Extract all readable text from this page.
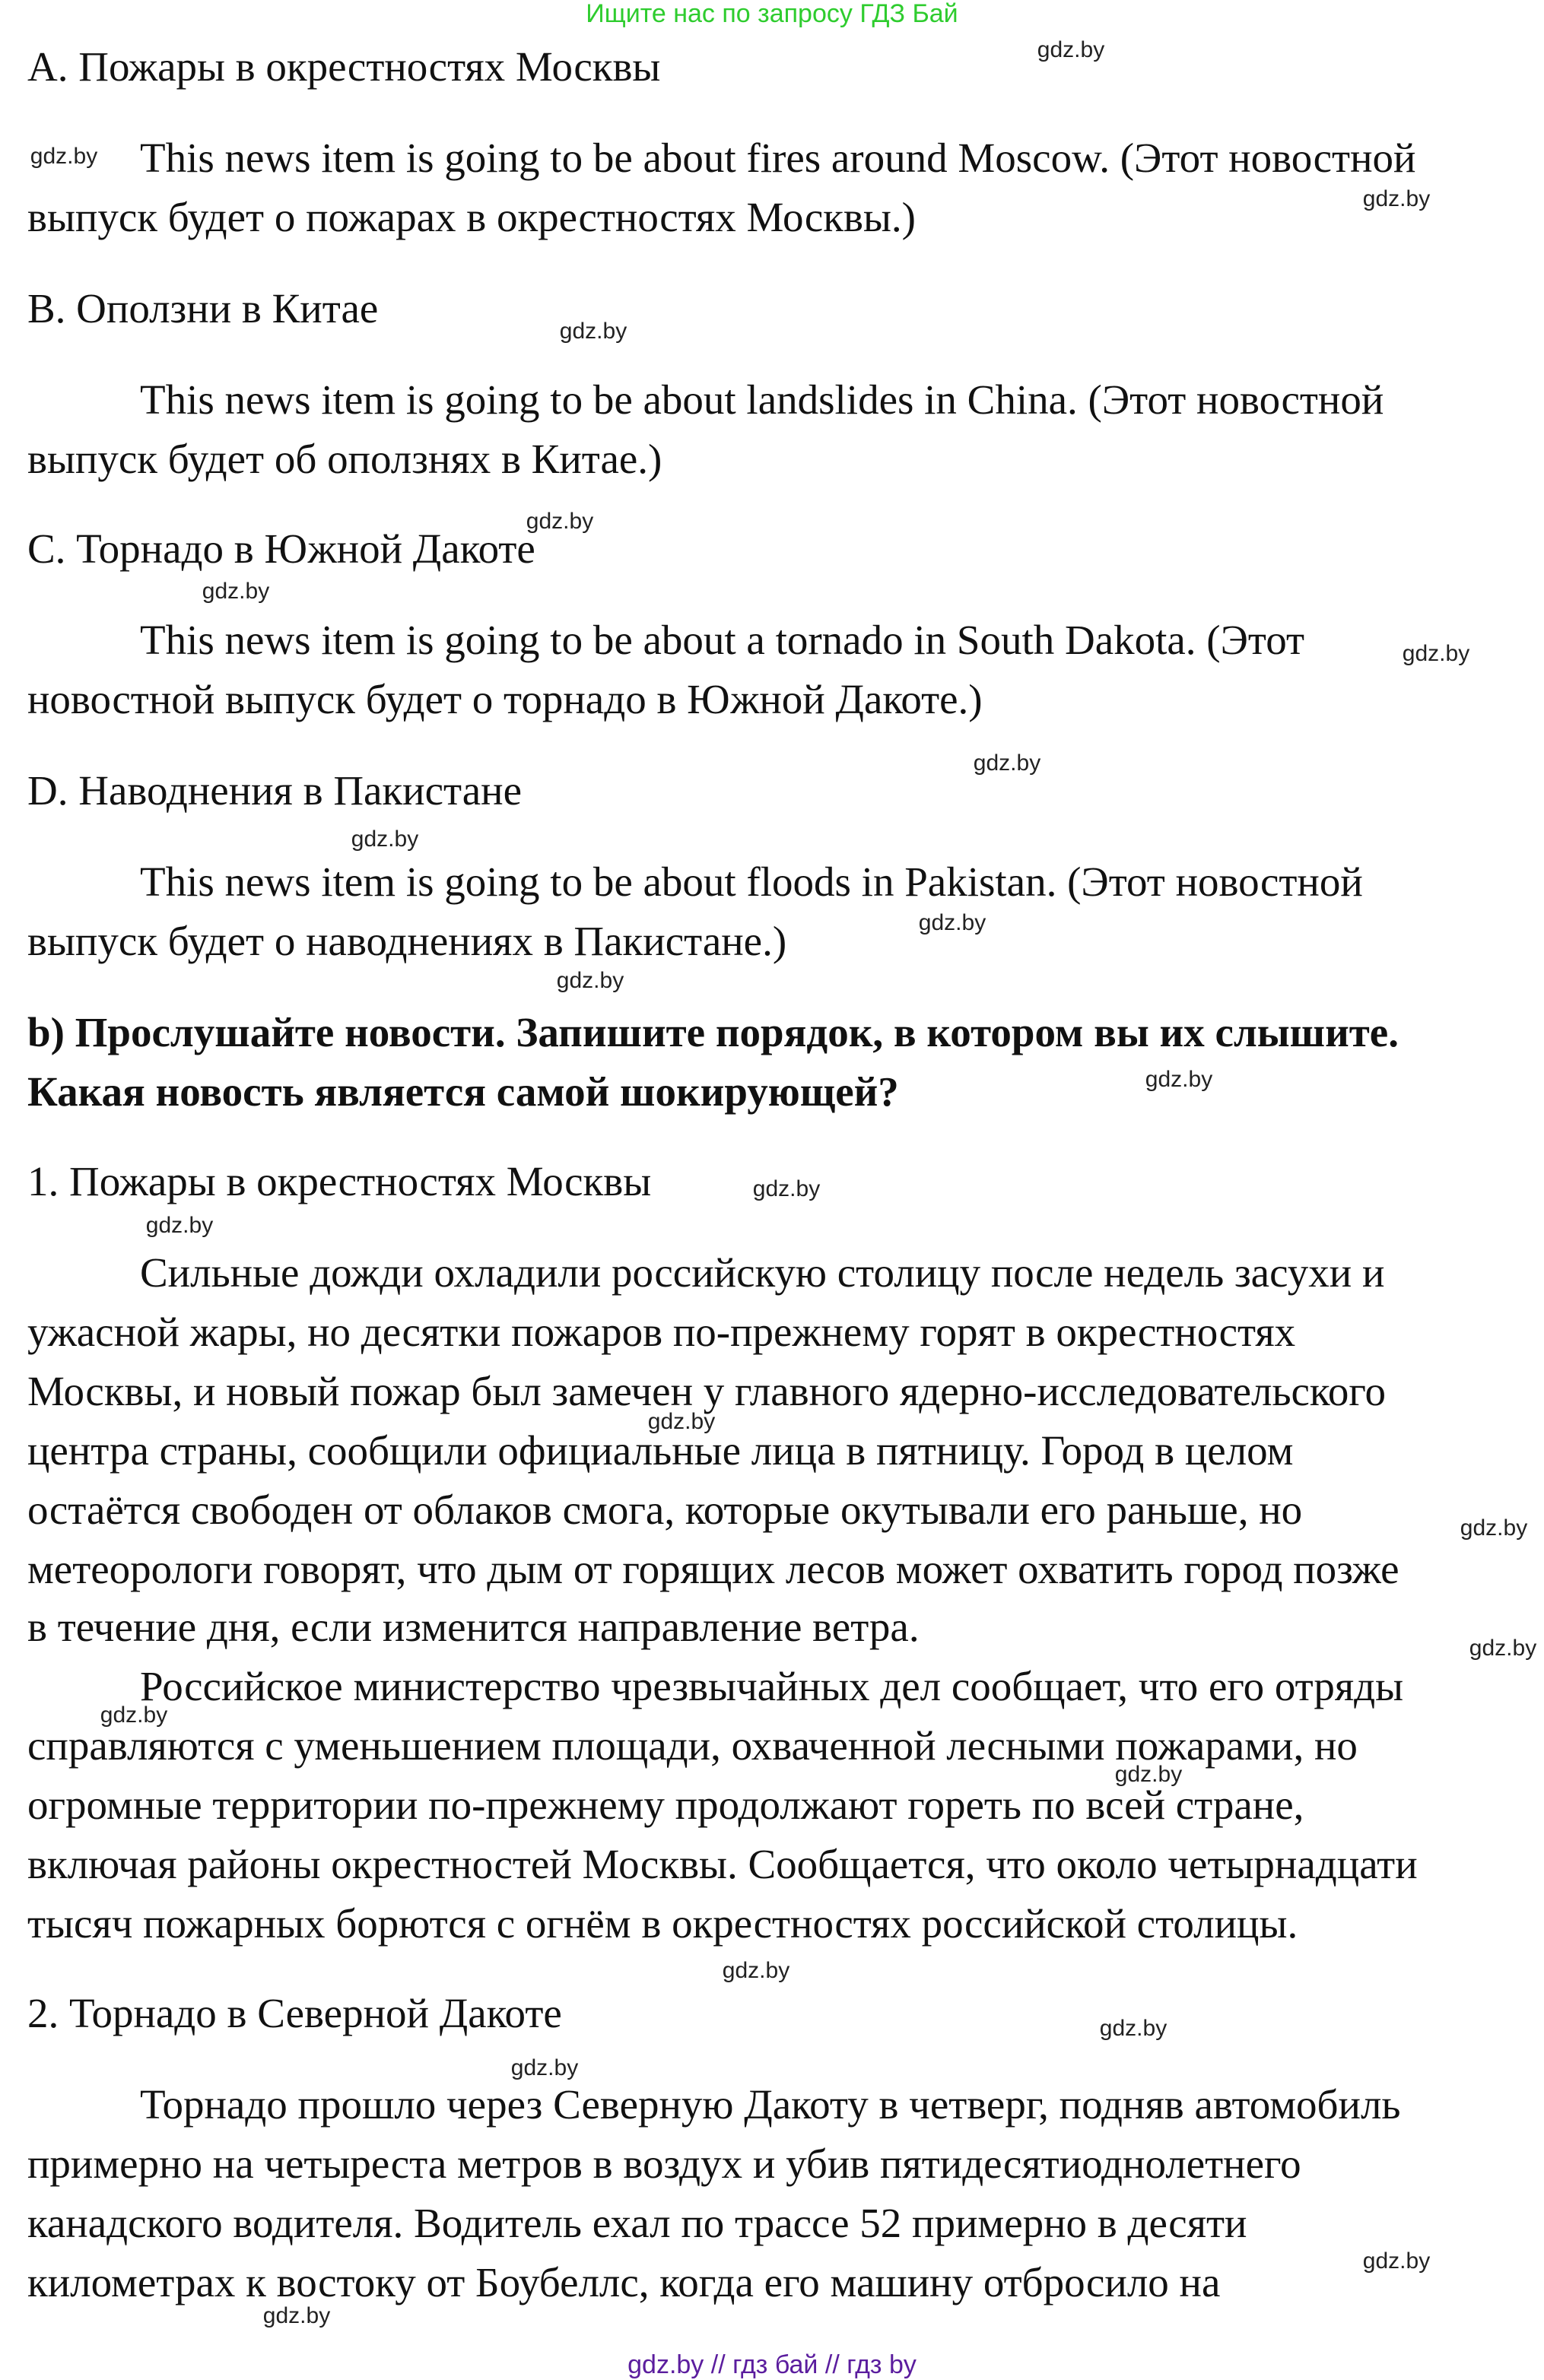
Ищите нас по запросу ГДЗ Бай
A. Пожары в окрестностях Москвы
This news item is going to be about fires around Moscow. (Этот новостной
выпуск будет о пожарах в окрестностях Москвы.)
B. Оползни в Китае
This news item is going to be about landslides in China. (Этот новостной
выпуск будет об оползнях в Китае.)
C. Торнадо в Южной Дакоте
This news item is going to be about a tornado in South Dakota. (Этот
новостной выпуск будет о торнадо в Южной Дакоте.)
D. Наводнения в Пакистане
This news item is going to be about floods in Pakistan. (Этот новостной
выпуск будет о наводнениях в Пакистане.)
b) Прослушайте новости. Запишите порядок, в котором вы их слышите.
Какая новость является самой шокирующей?
1. Пожары в окрестностях Москвы
Сильные дожди охладили российскую столицу после недель засухи и
ужасной жары, но десятки пожаров по-прежнему горят в окрестностях
Москвы, и новый пожар был замечен у главного ядерно-исследовательского
центра страны, сообщили официальные лица в пятницу. Город в целом
остаётся свободен от облаков смога, которые окутывали его раньше, но
метеорологи говорят, что дым от горящих лесов может охватить город позже
в течение дня, если изменится направление ветра.
Российское министерство чрезвычайных дел сообщает, что его отряды
справляются с уменьшением площади, охваченной лесными пожарами, но
огромные территории по-прежнему продолжают гореть по всей стране,
включая районы окрестностей Москвы. Сообщается, что около четырнадцати
тысяч пожарных борются с огнём в окрестностях российской столицы.
2. Торнадо в Северной Дакоте
Торнадо прошло через Северную Дакоту в четверг, подняв автомобиль
примерно на четыреста метров в воздух и убив пятидесятиоднолетнего
канадского водителя. Водитель ехал по трассе 52 примерно в десяти
километрах к востоку от Боубеллс, когда его машину отбросило на
gdz.by
gdz.by
gdz.by
gdz.by
gdz.by
gdz.by
gdz.by
gdz.by
gdz.by
gdz.by
gdz.by
gdz.by
gdz.by
gdz.by
gdz.by
gdz.by
gdz.by
gdz.by
gdz.by
gdz.by
gdz.by
gdz.by
gdz.by
gdz.by
gdz.by // гдз бай // гдз by
